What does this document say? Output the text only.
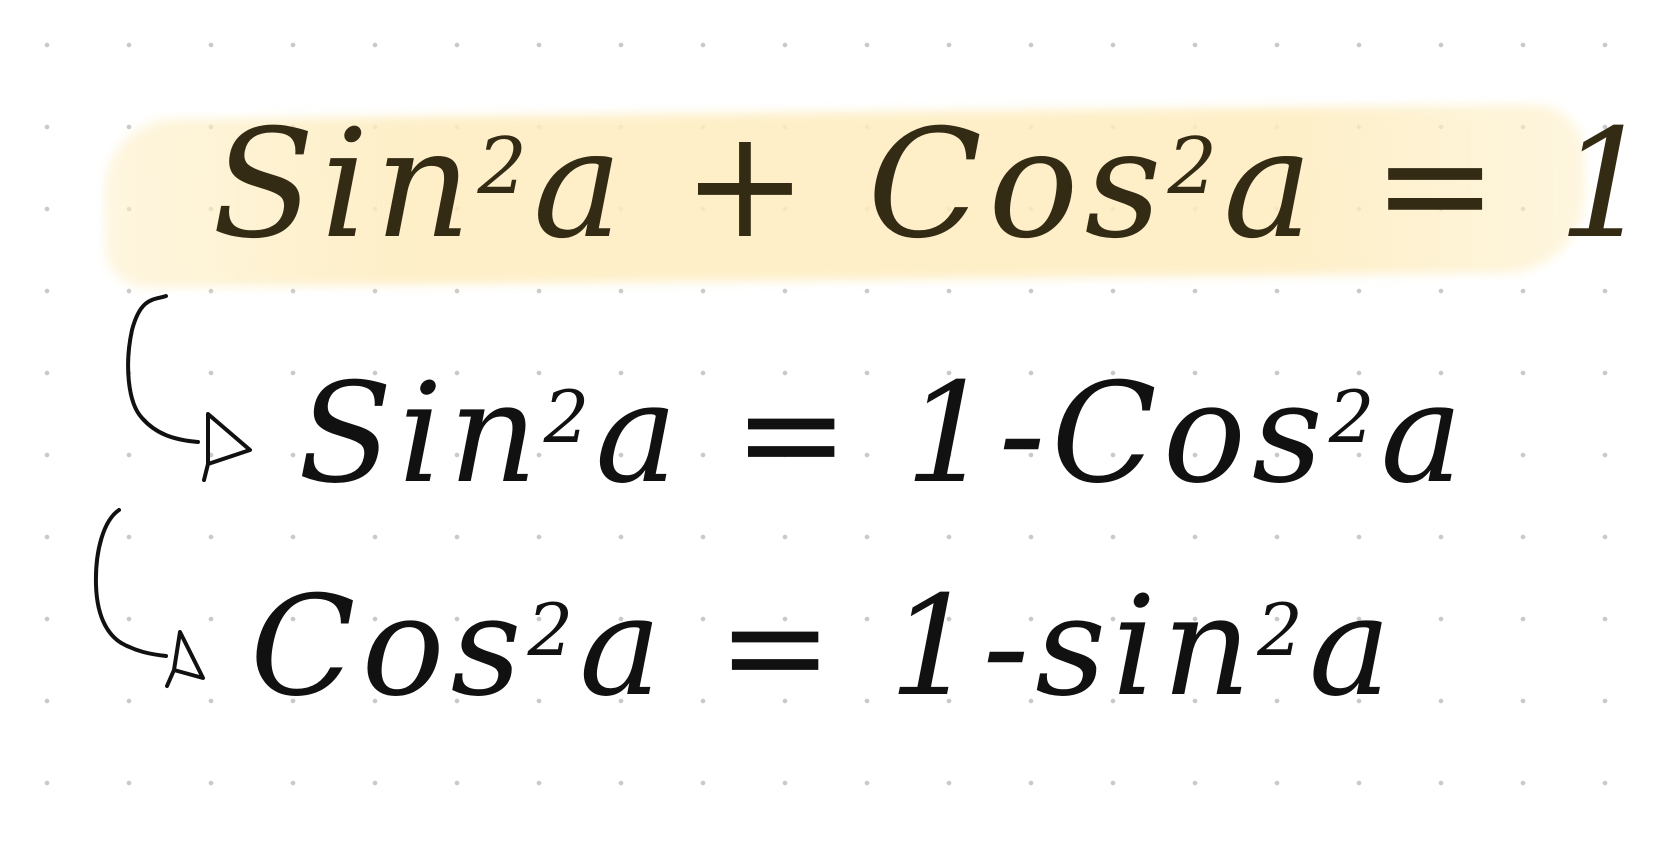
Sin$^2$a + Cos$^2$a = 1
Sin$^2$a = 1-Cos$^2$a
$Cos^2a = 1-\sin^2a$
